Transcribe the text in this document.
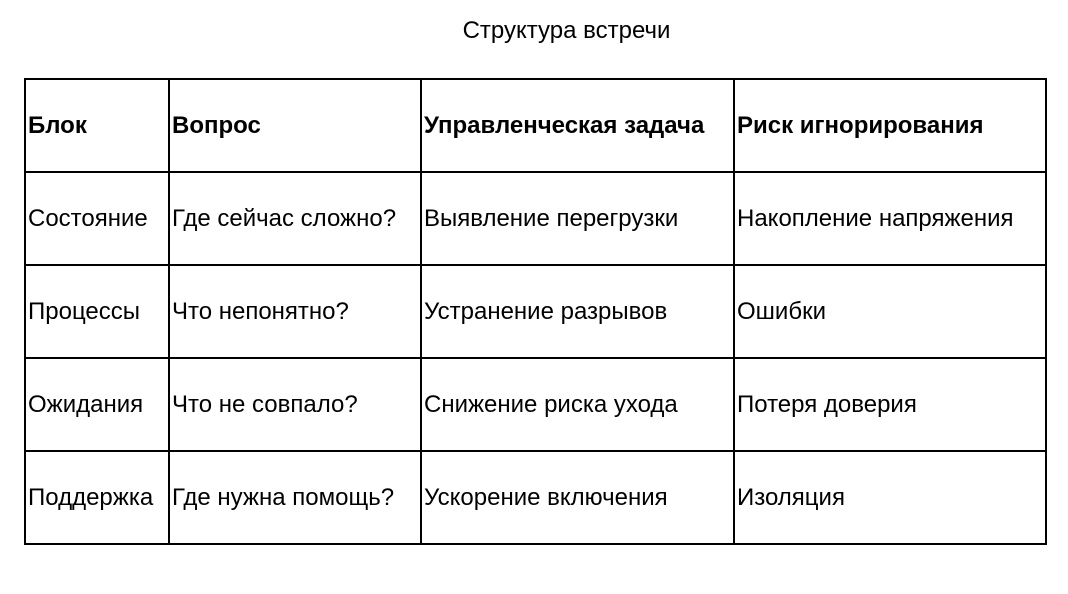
Структура встречи
Блок	Вопрос	Управленческая задача	Риск игнорирования
Состояние	Где сейчас сложно?	Выявление перегрузки	Накопление напряжения
Процессы	Что непонятно?	Устранение разрывов	Ошибки
Ожидания	Что не совпало?	Снижение риска ухода	Потеря доверия
Поддержка	Где нужна помощь?	Ускорение включения	Изоляция
